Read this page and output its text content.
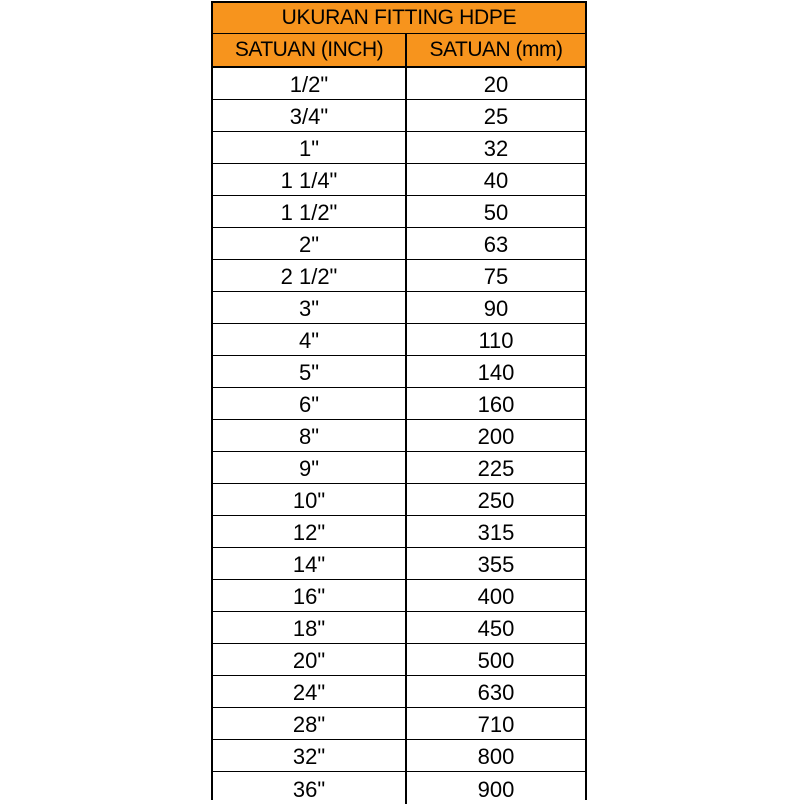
UKURAN FITTING HDPE
SATUAN (INCH)	SATUAN (mm)
1/2"	20
3/4"	25
1"	32
1 1/4"	40
1 1/2"	50
2"	63
2 1/2"	75
3"	90
4"	110
5"	140
6"	160
8"	200
9"	225
10"	250
12"	315
14"	355
16"	400
18"	450
20"	500
24"	630
28"	710
32"	800
36"	900
